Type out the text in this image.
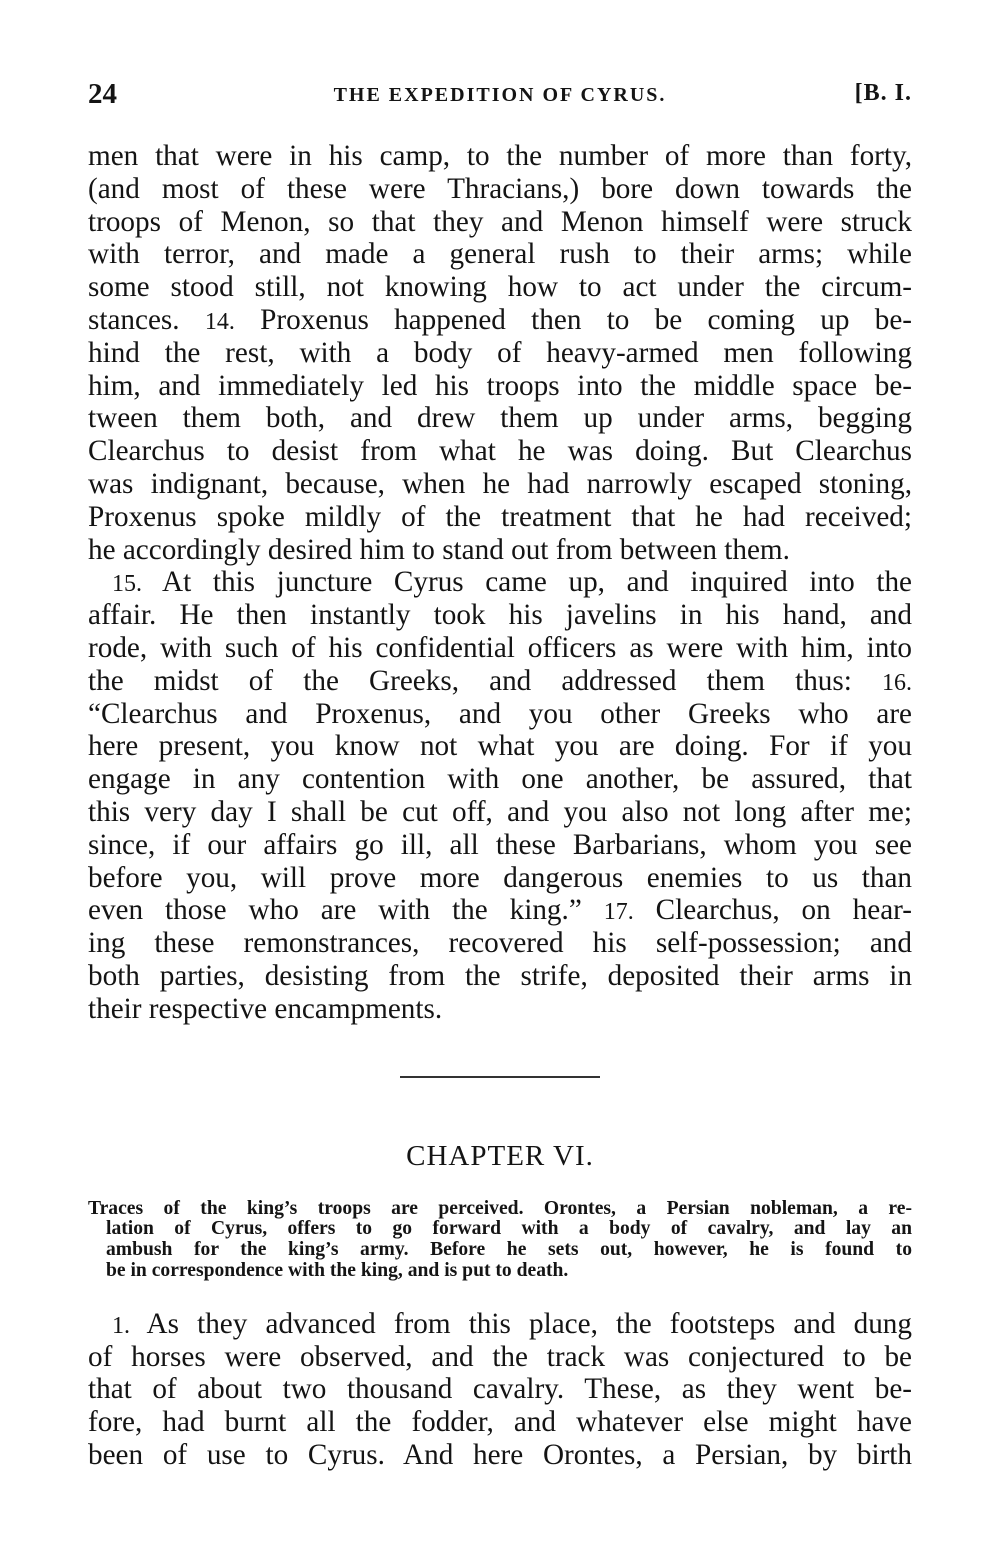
24	THE EXPEDITION OF CYRUS.	[B. I.
men that were in his camp, to the number of more than forty,
(and most of these were Thracians,) bore down towards the
troops of Menon, so that they and Menon himself were struck
with terror, and made a general rush to their arms; while
some stood still, not knowing how to act under the circum-
stances. 14. Proxenus happened then to be coming up be-
hind the rest, with a body of heavy-armed men following
him, and immediately led his troops into the middle space be-
tween them both, and drew them up under arms, begging
Clearchus to desist from what he was doing. But Clearchus
was indignant, because, when he had narrowly escaped stoning,
Proxenus spoke mildly of the treatment that he had received;
he accordingly desired him to stand out from between them.
15. At this juncture Cyrus came up, and inquired into the
affair. He then instantly took his javelins in his hand, and
rode, with such of his confidential officers as were with him, into
the midst of the Greeks, and addressed them thus: 16.
“Clearchus and Proxenus, and you other Greeks who are
here present, you know not what you are doing. For if you
engage in any contention with one another, be assured, that
this very day I shall be cut off, and you also not long after me;
since, if our affairs go ill, all these Barbarians, whom you see
before you, will prove more dangerous enemies to us than
even those who are with the king.” 17. Clearchus, on hear-
ing these remonstrances, recovered his self-possession; and
both parties, desisting from the strife, deposited their arms in
their respective encampments.
CHAPTER VI.
Traces of the king’s troops are perceived. Orontes, a Persian nobleman, a re-
lation of Cyrus, offers to go forward with a body of cavalry, and lay an
ambush for the king’s army. Before he sets out, however, he is found to
be in correspondence with the king, and is put to death.
1. As they advanced from this place, the footsteps and dung
of horses were observed, and the track was conjectured to be
that of about two thousand cavalry. These, as they went be-
fore, had burnt all the fodder, and whatever else might have
been of use to Cyrus. And here Orontes, a Persian, by birth
